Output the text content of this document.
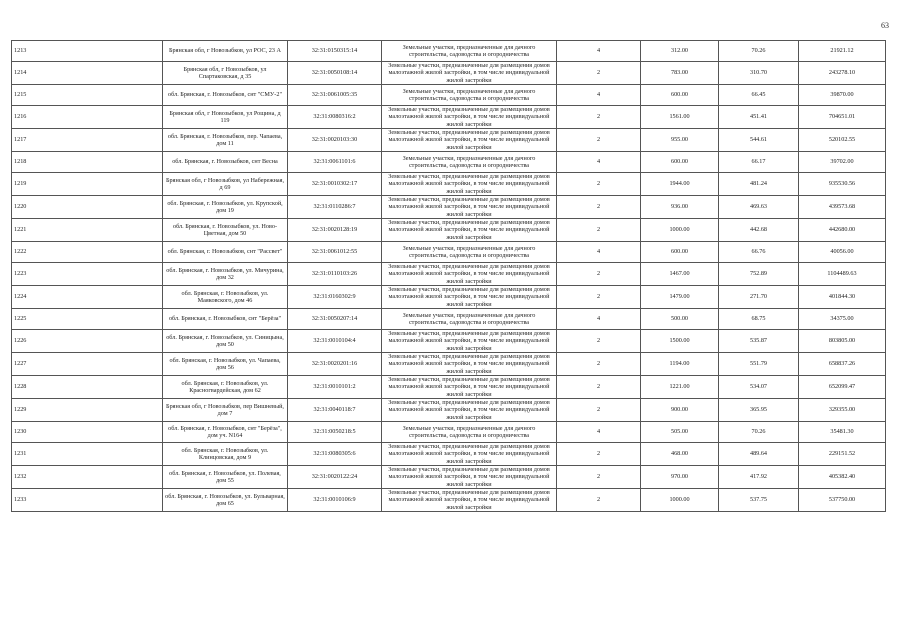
63
1213	Брянская обл, г Новозыбков, ул РОС, 23 А	32:31:0150315:14	Земельные участки, предназначенные для дачного строительства, садоводства и огородничества	4	312.00	70.26	21921.12
1214	Брянская обл, г Новозыбков, ул Спартаковская, д 35	32:31:0050108:14	Земельные участки, предназначенные для размещения домов малоэтажной жилой застройки, в том числе индивидуальной жилой застройки	2	783.00	310.70	243278.10
1215	обл. Брянская, г. Новозыбков, снт "СМУ-2"	32:31:0061005:35	Земельные участки, предназначенные для дачного строительства, садоводства и огородничества	4	600.00	66.45	39870.00
1216	Брянская обл, г Новозыбков, ул Рощина, д 119	32:31:0080316:2	Земельные участки, предназначенные для размещения домов малоэтажной жилой застройки, в том числе индивидуальной жилой застройки	2	1561.00	451.41	704651.01
1217	обл. Брянская, г. Новозыбков, пер. Чапаева, дом 11	32:31:0020103:30	Земельные участки, предназначенные для размещения домов малоэтажной жилой застройки, в том числе индивидуальной жилой застройки	2	955.00	544.61	520102.55
1218	обл. Брянская, г. Новозыбков, снт Весна	32:31:0061101:6	Земельные участки, предназначенные для дачного строительства, садоводства и огородничества	4	600.00	66.17	39702.00
1219	Брянская обл, г Новозыбков, ул Набережная, д 69	32:31:0010302:17	Земельные участки, предназначенные для размещения домов малоэтажной жилой застройки, в том числе индивидуальной жилой застройки	2	1944.00	481.24	935530.56
1220	обл. Брянская, г. Новозыбков, ул. Крупской, дом 19	32:31:0110286:7	Земельные участки, предназначенные для размещения домов малоэтажной жилой застройки, в том числе индивидуальной жилой застройки	2	936.00	469.63	439573.68
1221	обл. Брянская, г. Новозыбков, ул. Ново-Цветная, дом 50	32:31:0020128:19	Земельные участки, предназначенные для размещения домов малоэтажной жилой застройки, в том числе индивидуальной жилой застройки	2	1000.00	442.68	442680.00
1222	обл. Брянская, г. Новозыбков, снт "Рассвет"	32:31:0061012:55	Земельные участки, предназначенные для дачного строительства, садоводства и огородничества	4	600.00	66.76	40056.00
1223	обл. Брянская, г. Новозыбков, ул. Мичурина, дом 32	32:31:0110103:26	Земельные участки, предназначенные для размещения домов малоэтажной жилой застройки, в том числе индивидуальной жилой застройки	2	1467.00	752.89	1104489.63
1224	обл. Брянская, г. Новозыбков, ул. Маяковского, дом 46	32:31:0160302:9	Земельные участки, предназначенные для размещения домов малоэтажной жилой застройки, в том числе индивидуальной жилой застройки	2	1479.00	271.70	401844.30
1225	обл. Брянская, г. Новозыбков, снт "Берёза"	32:31:0050207:14	Земельные участки, предназначенные для дачного строительства, садоводства и огородничества	4	500.00	68.75	34375.00
1226	обл. Брянская, г. Новозыбков, ул. Синицына, дом 50	32:31:0010104:4	Земельные участки, предназначенные для размещения домов малоэтажной жилой застройки, в том числе индивидуальной жилой застройки	2	1500.00	535.87	803805.00
1227	обл. Брянская, г. Новозыбков, ул. Чапаева, дом 56	32:31:0020201:16	Земельные участки, предназначенные для размещения домов малоэтажной жилой застройки, в том числе индивидуальной жилой застройки	2	1194.00	551.79	658837.26
1228	обл. Брянская, г. Новозыбков, ул. Красногвардейская, дом 62	32:31:0010101:2	Земельные участки, предназначенные для размещения домов малоэтажной жилой застройки, в том числе индивидуальной жилой застройки	2	1221.00	534.07	652099.47
1229	Брянская обл, г Новозыбков, пер Вишневый, дом 7	32:31:0040118:7	Земельные участки, предназначенные для размещения домов малоэтажной жилой застройки, в том числе индивидуальной жилой застройки	2	900.00	365.95	329355.00
1230	обл. Брянская, г. Новозыбков, снт "Берёза", дом уч. N164	32:31:0050218:5	Земельные участки, предназначенные для дачного строительства, садоводства и огородничества	4	505.00	70.26	35481.30
1231	обл. Брянская, г. Новозыбков, ул. Клинцовская, дом 9	32:31:0080305:6	Земельные участки, предназначенные для размещения домов малоэтажной жилой застройки, в том числе индивидуальной жилой застройки	2	468.00	489.64	229151.52
1232	обл. Брянская, г. Новозыбков, ул. Полевая, дом 55	32:31:0020122:24	Земельные участки, предназначенные для размещения домов малоэтажной жилой застройки, в том числе индивидуальной жилой застройки	2	970.00	417.92	405382.40
1233	обл. Брянская, г. Новозыбков, ул. Бульварная, дом 65	32:31:0010106:9	Земельные участки, предназначенные для размещения домов малоэтажной жилой застройки, в том числе индивидуальной жилой застройки	2	1000.00	537.75	537750.00
